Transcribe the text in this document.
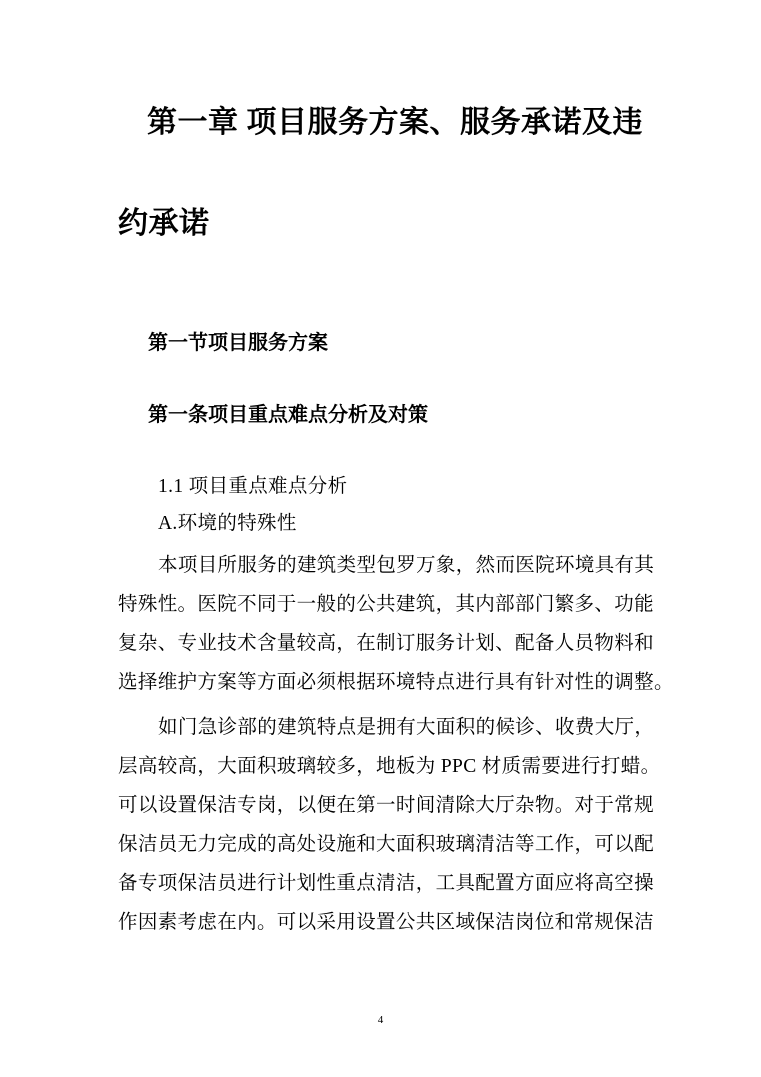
第一章 项目服务方案、服务承诺及违
约承诺
第一节项目服务方案
第一条项目重点难点分析及对策
1.1 项目重点难点分析
A.环境的特殊性
本项目所服务的建筑类型包罗万象，然而医院环境具有其
特殊性。医院不同于一般的公共建筑，其内部部门繁多、功能
复杂、专业技术含量较高，在制订服务计划、配备人员物料和
选择维护方案等方面必须根据环境特点进行具有针对性的调整。
如门急诊部的建筑特点是拥有大面积的候诊、收费大厅，
层高较高，大面积玻璃较多，地板为 PPC 材质需要进行打蜡。
可以设置保洁专岗，以便在第一时间清除大厅杂物。对于常规
保洁员无力完成的高处设施和大面积玻璃清洁等工作，可以配
备专项保洁员进行计划性重点清洁，工具配置方面应将高空操
作因素考虑在内。可以采用设置公共区域保洁岗位和常规保洁
4
